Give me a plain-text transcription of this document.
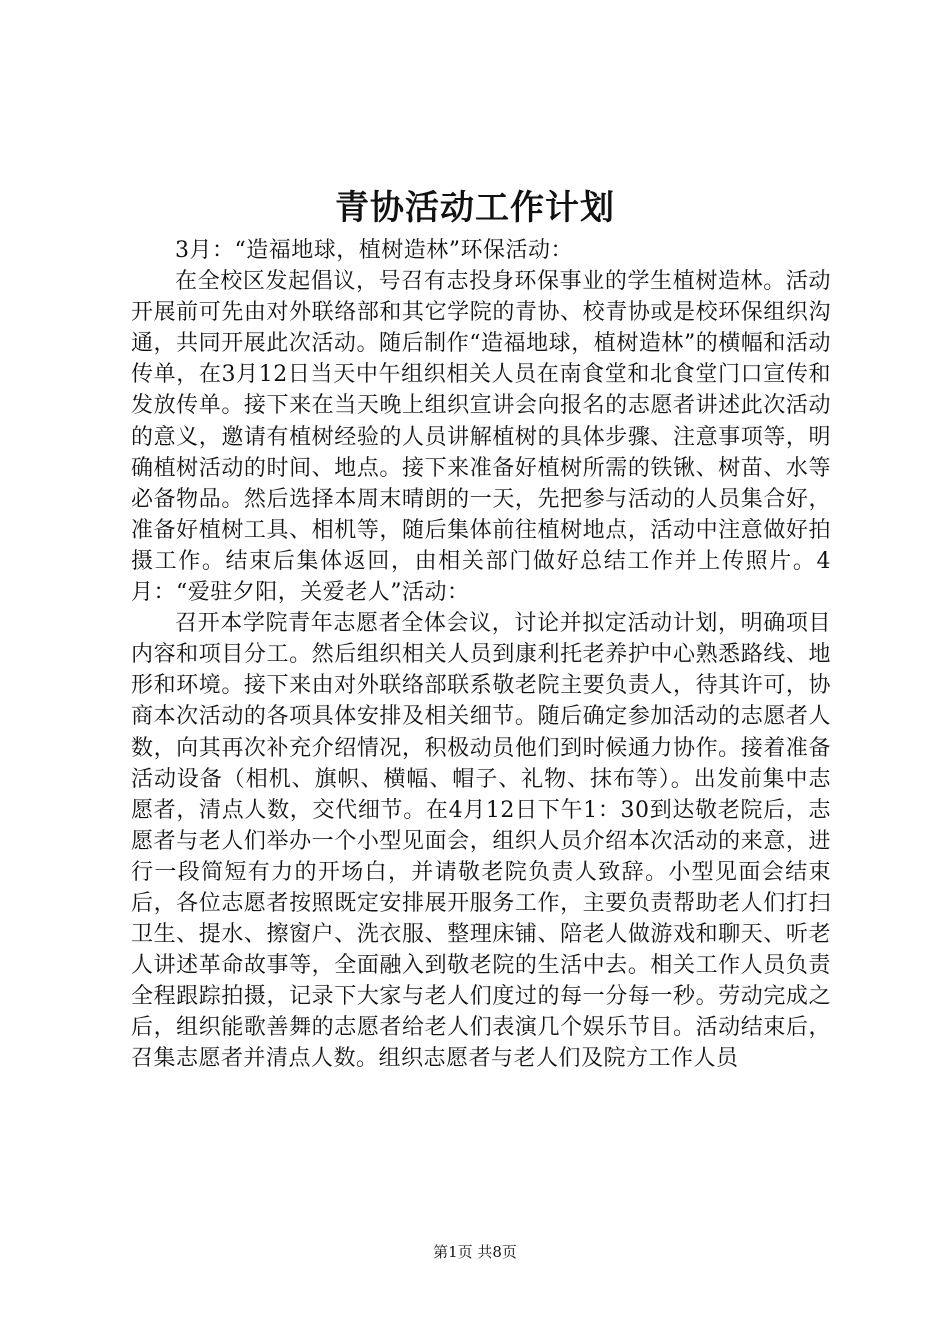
青协活动工作计划

3月：“造福地球，植树造林”环保活动：

在全校区发起倡议，号召有志投身环保事业的学生植树造林。活动开展前可先由对外联络部和其它学院的青协、校青协或是校环保组织沟通，共同开展此次活动。随后制作“造福地球，植树造林”的横幅和活动传单，在3月12日当天中午组织相关人员在南食堂和北食堂门口宣传和发放传单。接下来在当天晚上组织宣讲会向报名的志愿者讲述此次活动的意义，邀请有植树经验的人员讲解植树的具体步骤、注意事项等，明确植树活动的时间、地点。接下来准备好植树所需的铁锹、树苗、水等必备物品。然后选择本周末晴朗的一天，先把参与活动的人员集合好，准备好植树工具、相机等，随后集体前往植树地点，活动中注意做好拍摄工作。结束后集体返回，由相关部门做好总结工作并上传照片。4月：“爱驻夕阳，关爱老人”活动：

召开本学院青年志愿者全体会议，讨论并拟定活动计划，明确项目内容和项目分工。然后组织相关人员到康利托老养护中心熟悉路线、地形和环境。接下来由对外联络部联系敬老院主要负责人，待其许可，协商本次活动的各项具体安排及相关细节。随后确定参加活动的志愿者人数，向其再次补充介绍情况，积极动员他们到时候通力协作。接着准备活动设备（相机、旗帜、横幅、帽子、礼物、抹布等）。出发前集中志愿者，清点人数，交代细节。在4月12日下午1：30到达敬老院后，志愿者与老人们举办一个小型见面会，组织人员介绍本次活动的来意，进行一段简短有力的开场白，并请敬老院负责人致辞。小型见面会结束后，各位志愿者按照既定安排展开服务工作，主要负责帮助老人们打扫卫生、提水、擦窗户、洗衣服、整理床铺、陪老人做游戏和聊天、听老人讲述革命故事等，全面融入到敬老院的生活中去。相关工作人员负责全程跟踪拍摄，记录下大家与老人们度过的每一分每一秒。劳动完成之后，组织能歌善舞的志愿者给老人们表演几个娱乐节目。活动结束后，召集志愿者并清点人数。组织志愿者与老人们及院方工作人员

第1页 共8页
